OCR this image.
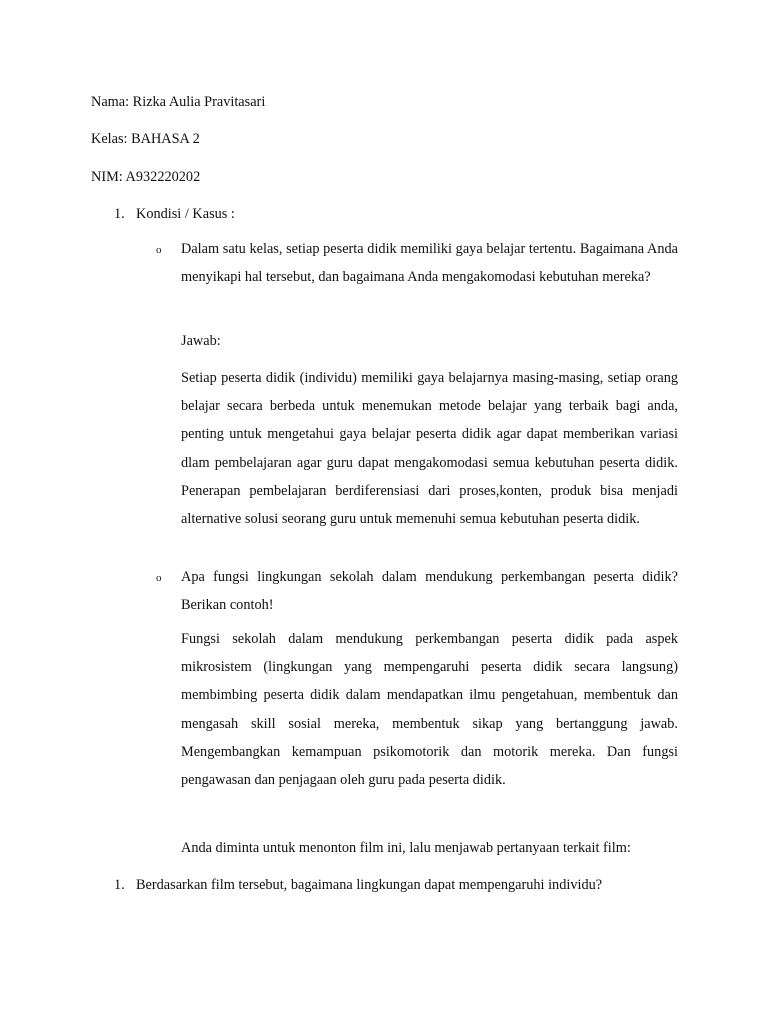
Nama: Rizka Aulia Pravitasari
Kelas: BAHASA 2
NIM: A932220202
1. Kondisi / Kasus :
o Dalam satu kelas, setiap peserta didik memiliki gaya belajar tertentu. Bagaimana Anda menyikapi hal tersebut, dan bagaimana Anda mengakomodasi kebutuhan mereka?
Jawab:
Setiap peserta didik (individu) memiliki gaya belajarnya masing-masing, setiap orang belajar secara berbeda untuk menemukan metode belajar yang terbaik bagi anda, penting untuk mengetahui gaya belajar peserta didik agar dapat memberikan variasi dlam pembelajaran agar guru dapat mengakomodasi semua kebutuhan peserta didik. Penerapan pembelajaran berdiferensiasi dari proses,konten, produk bisa menjadi alternative solusi seorang guru untuk memenuhi semua kebutuhan peserta didik.
o Apa fungsi lingkungan sekolah dalam mendukung perkembangan peserta didik? Berikan contoh!
Fungsi sekolah dalam mendukung perkembangan peserta didik pada aspek mikrosistem (lingkungan yang mempengaruhi peserta didik secara langsung) membimbing peserta didik dalam mendapatkan ilmu pengetahuan, membentuk dan mengasah skill sosial mereka, membentuk sikap yang bertanggung jawab. Mengembangkan kemampuan psikomotorik dan motorik mereka. Dan fungsi pengawasan dan penjagaan oleh guru pada peserta didik.
Anda diminta untuk menonton film ini, lalu menjawab pertanyaan terkait film:
1. Berdasarkan film tersebut, bagaimana lingkungan dapat mempengaruhi individu?
